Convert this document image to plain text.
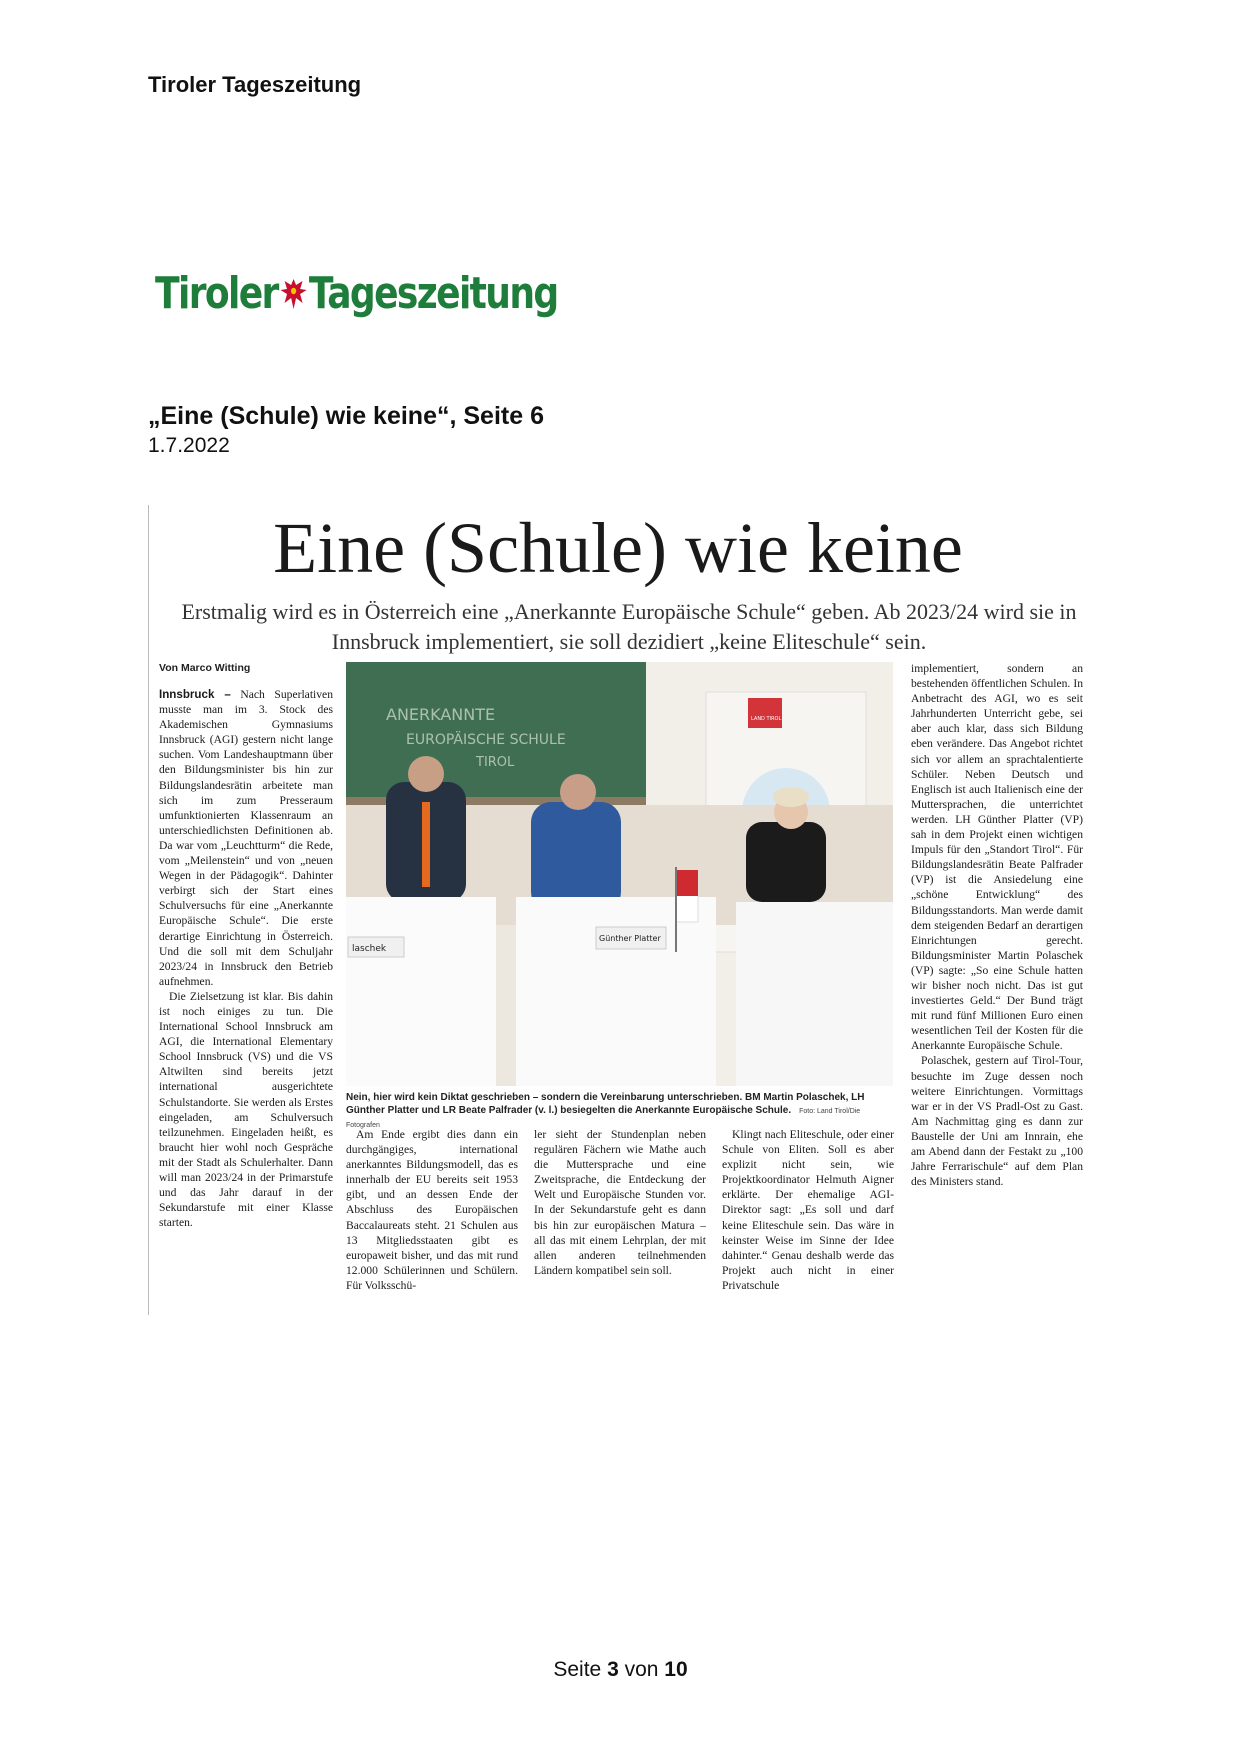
Tiroler Tageszeitung
Tiroler Tageszeitung
„Eine (Schule) wie keine“, Seite 6
1.7.2022
Eine (Schule) wie keine
Erstmalig wird es in Österreich eine „Anerkannte Europäische Schule“ geben. Ab 2023/24 wird sie in Innsbruck implementiert, sie soll dezidiert „keine Eliteschule“ sein.
Von Marco Witting

Innsbruck – Nach Superlativen musste man im 3. Stock des Akademischen Gymnasiums Innsbruck (AGI) gestern nicht lange suchen. Vom Landeshauptmann über den Bildungsminister bis hin zur Bildungslandesrätin arbeitete man sich im zum Presseraum umfunktionierten Klassenraum an unterschiedlichsten Definitionen ab. Da war vom „Leuchtturm“ die Rede, vom „Meilenstein“ und von „neuen Wegen in der Pädagogik“. Dahinter verbirgt sich der Start eines Schulversuchs für eine „Anerkannte Europäische Schule“. Die erste derartige Einrichtung in Österreich. Und die soll mit dem Schuljahr 2023/24 in Innsbruck den Betrieb aufnehmen.

Die Zielsetzung ist klar. Bis dahin ist noch einiges zu tun. Die International School Innsbruck am AGI, die International Elementary School Innsbruck (VS) und die VS Altwilten sind bereits jetzt international ausgerichtete Schulstandorte. Sie werden als Erstes eingeladen, am Schulversuch teilzunehmen. Eingeladen heißt, es braucht hier wohl noch Gespräche mit der Stadt als Schulerhalter. Dann will man 2023/24 in der Primarstufe und das Jahr darauf in der Sekundarstufe mit einer Klasse starten.

ANERKANNTE
EUROPÄISCHE SCHULE
TIROL
LAND TIROL
laschek
Günther Platter
Nein, hier wird kein Diktat geschrieben – sondern die Vereinbarung unterschrieben. BM Martin Polaschek, LH Günther Platter und LR Beate Palfrader (v. l.) besiegelten die Anerkannte Europäische Schule. Foto: Land Tirol/Die Fotografen

Am Ende ergibt dies dann ein durchgängiges, international anerkanntes Bildungsmodell, das es innerhalb der EU bereits seit 1953 gibt, und an dessen Ende der Abschluss des Europäischen Baccalaureats steht. 21 Schulen aus 13 Mitgliedsstaaten gibt es europaweit bisher, und das mit rund 12.000 Schülerinnen und Schülern. Für Volksschü-

ler sieht der Stundenplan neben regulären Fächern wie Mathe auch die Muttersprache und eine Zweitsprache, die Entdeckung der Welt und Europäische Stunden vor. In der Sekundarstufe geht es dann bis hin zur europäischen Matura – all das mit einem Lehrplan, der mit allen anderen teilnehmenden Ländern kompatibel sein soll.

Klingt nach Eliteschule, oder einer Schule von Eliten. Soll es aber explizit nicht sein, wie Projektkoordinator Helmuth Aigner erklärte. Der ehemalige AGI-Direktor sagt: „Es soll und darf keine Eliteschule sein. Das wäre in keinster Weise im Sinne der Idee dahinter.“ Genau deshalb werde das Projekt auch nicht in einer Privatschule

implementiert, sondern an bestehenden öffentlichen Schulen. In Anbetracht des AGI, wo es seit Jahrhunderten Unterricht gebe, sei aber auch klar, dass sich Bildung eben verändere. Das Angebot richtet sich vor allem an sprachtalentierte Schüler. Neben Deutsch und Englisch ist auch Italienisch eine der Muttersprachen, die unterrichtet werden. LH Günther Platter (VP) sah in dem Projekt einen wichtigen Impuls für den „Standort Tirol“. Für Bildungslandesrätin Beate Palfrader (VP) ist die Ansiedelung eine „schöne Entwicklung“ des Bildungsstandorts. Man werde damit dem steigenden Bedarf an derartigen Einrichtungen gerecht. Bildungsminister Martin Polaschek (VP) sagte: „So eine Schule hatten wir bisher noch nicht. Das ist gut investiertes Geld.“ Der Bund trägt mit rund fünf Millionen Euro einen wesentlichen Teil der Kosten für die Anerkannte Europäische Schule.

Polaschek, gestern auf Tirol-Tour, besuchte im Zuge dessen noch weitere Einrichtungen. Vormittags war er in der VS Pradl-Ost zu Gast. Am Nachmittag ging es dann zur Baustelle der Uni am Innrain, ehe am Abend dann der Festakt zu „100 Jahre Ferrarischule“ auf dem Plan des Ministers stand.

Seite 3 von 10
